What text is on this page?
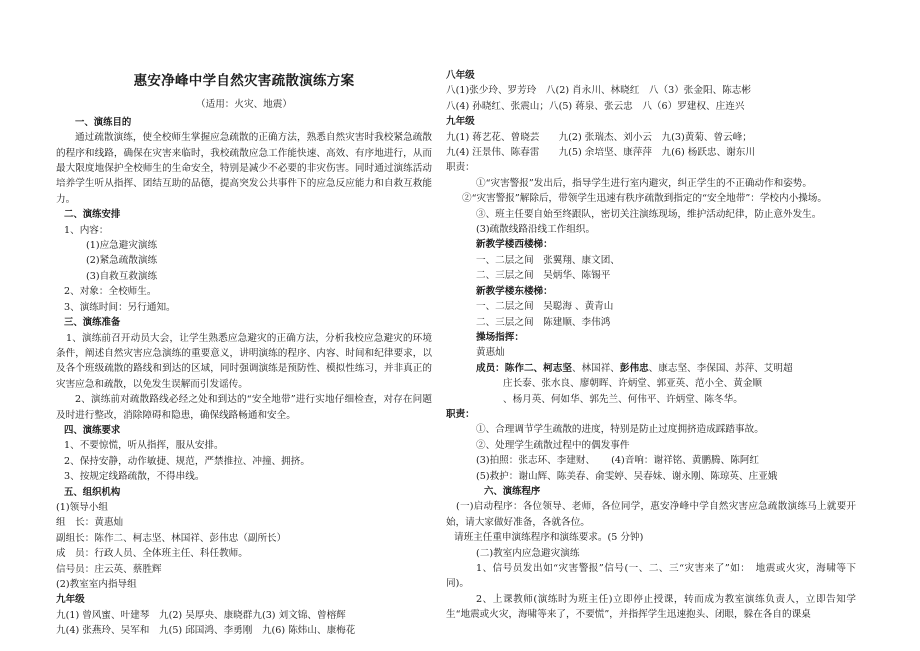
惠安净峰中学自然灾害疏散演练方案
（适用：火灾、地震）
一、演练目的
通过疏散演练，使全校师生掌握应急疏散的正确方法，熟悉自然灾害时我校紧急疏散的程序和线路，确保在灾害来临时，我校疏散应急工作能快速、高效、有序地进行，从而最大限度地保护全校师生的生命安全，特别是减少不必要的非灾伤害。同时通过演练活动培养学生听从指挥、团结互助的品德，提高突发公共事件下的应急反应能力和自救互救能力。
二、演练安排
1、内容：
(1)应急避灾演练
(2)紧急疏散演练
(3)自救互救演练
2、对象：全校师生。
3、演练时间：另行通知。
三、演练准备
1、演练前召开动员大会，让学生熟悉应急避灾的正确方法，分析我校应急避灾的环境条件，阐述自然灾害应急演练的重要意义，讲明演练的程序、内容、时间和纪律要求，以及各个班级疏散的路线和到达的区域，同时强调演练是预防性、模拟性练习，并非真正的灾害应急和疏散，以免发生误解而引发谣传。
2、演练前对疏散路线必经之处和到达的“安全地带”进行实地仔细检查，对存在问题及时进行整改，消除障碍和隐患，确保线路畅通和安全。
四、演练要求
1、不要惊慌，听从指挥，服从安排。
2、保持安静，动作敏捷、规范，严禁推拉、冲撞、拥挤。
3、按规定线路疏散，不得串线。
五、组织机构
(1)领导小组
组　长：黄惠灿
副组长：陈作二、柯志坚、林国祥、彭伟忠（副所长）
成　员：行政人员、全体班主任、科任教师。
信号员：庄云英、蔡胜辉
(2)教室室内指导组
九年级
九(1) 曾风蜜、叶建琴　九(2) 吴厚央、康晓群九(3) 刘文锦、曾榕辉
九(4) 张燕玲、吴军和　九(5) 邱国鸿、李勇刚　九(6) 陈炜山、康梅花
八年级
八(1)张少玲、罗芳玲　八(2) 肖永川、林晓红　八（3）张金阳、陈志彬
八(4) 孙晓红、张震山；八(5) 蒋泉、张云忠　八（6）罗建权、庄连兴
九年级
九(1) 蒋艺花、曾晓芸　　九(2) 张瑞杰、刘小云　九(3)黄菊、曾云峰；
九(4) 汪景伟、陈春雷　　九(5) 余培坚、康萍萍　九(6) 杨跃忠、谢东川
职责：
①“灾害警报”发出后，指导学生进行室内避灾，纠正学生的不正确动作和姿势。
②“灾害警报”解除后，带领学生迅速有秩序疏散到指定的“安全地带”：学校内小操场。
③、班主任要自始至终跟队，密切关注演练现场，维护活动纪律，防止意外发生。
(3)疏散线路沿线工作组织。
新教学楼西楼梯：
一、二层之间　张翼翔、康文团、
二、三层之间　吴炳华、陈锡平
新教学楼东楼梯：
一、二层之间　吴聪海 、黄青山
二、三层之间　陈建顺、李伟鸿
操场指挥：
黄惠灿
成员：陈作二、柯志坚、林国祥、彭伟忠、康志坚、李保国、苏萍、艾明超
庄长泰、张水良、廖朝晖、许炳堂、郭亚英、范小全、黄金顺
、杨月英、何如华、郭先兰、何伟平、许炳堂、陈冬华。
职责：
①、合理调节学生疏散的进度，特别是防止过度拥挤造成踩踏事故。
②、处理学生疏散过程中的偶发事件
(3)拍照：张志环、李建财、 (4)音响：谢祥铭、黄鹏腾、陈阿红
(5)救护：谢山辉、陈美春、俞雯婷、吴春妹、谢永刚、陈琼英、庄亚娥
六、演练程序
(一)启动程序：各位领导、老师，各位同学，惠安净峰中学自然灾害应急疏散演练马上就要开始，请大家做好准备，各就各位。
请班主任重申演练程序和演练要求。(5 分钟)
(二)教室内应急避灾演练
1、信号员发出如“灾害警报”信号(一、二、三“灾害来了”如：　地震或火灾，海啸等下同)。
2、上课教师(演练时为班主任)立即停止授课，转而成为教室演练负责人，立即告知学生“地震或火灾，海啸等来了，不要慌”，并指挥学生迅速抱头、闭眼，躲在各自的课桌
